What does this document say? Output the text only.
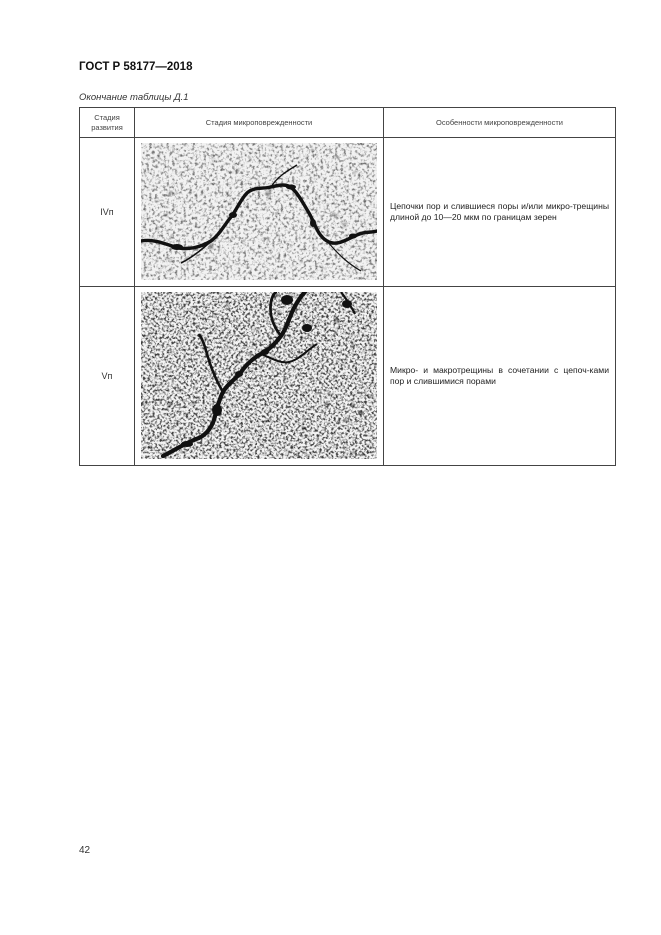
ГОСТ Р 58177—2018
Окончание таблицы Д.1
Стадия развития	Стадия микроповрежденности	Особенности микроповрежденности
IVп		Цепочки пор и слившиеся поры и/или микро-трещины длиной до 10—20 мкм по границам зерен
Vп		Микро- и макротрещины в сочетании с цепоч-ками пор и слившимися порами
42
